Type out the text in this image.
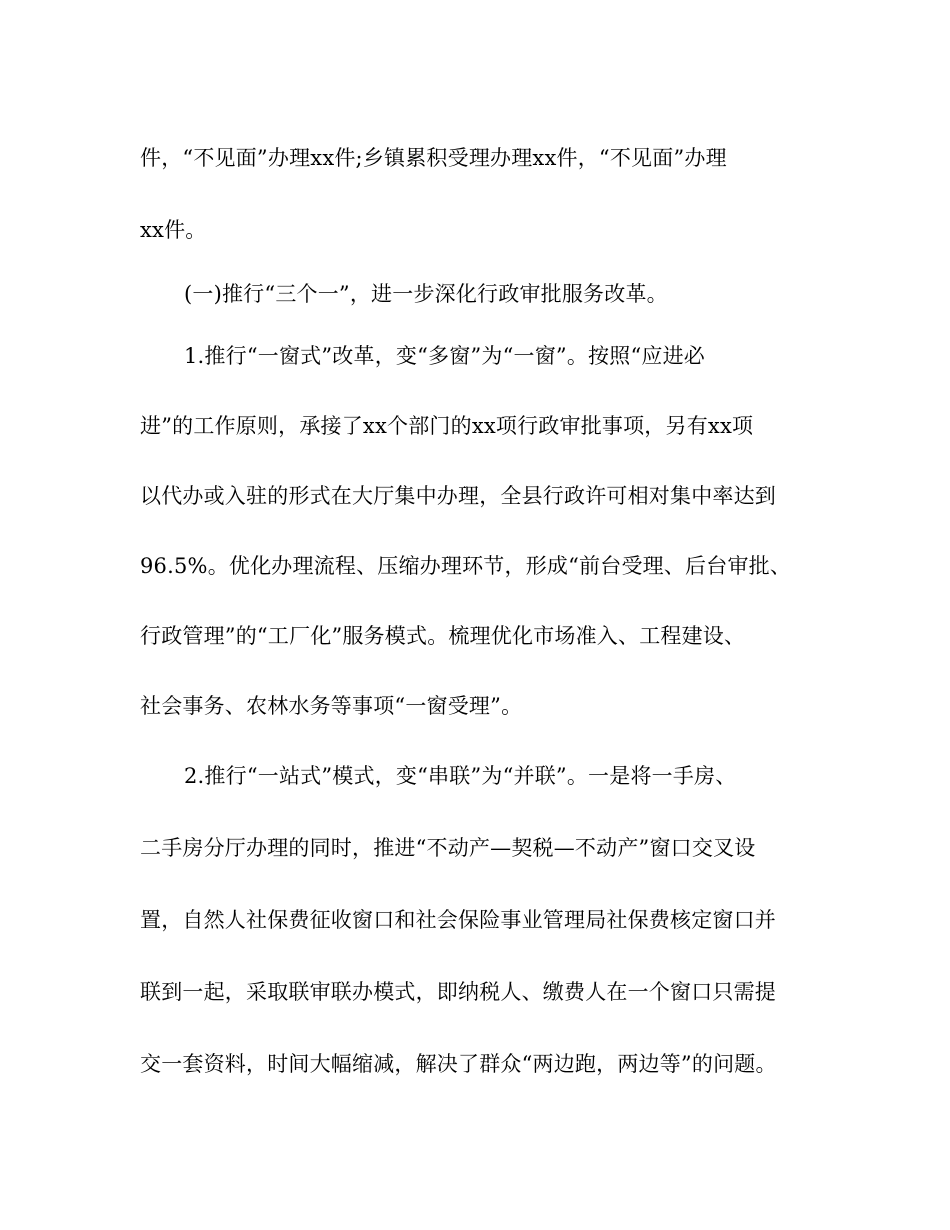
件，“不见面”办理xx件;乡镇累积受理办理xx件，“不见面”办理
xx件。
(一)推行“三个一”，进一步深化行政审批服务改革。
1.推行“一窗式”改革，变“多窗”为“一窗”。按照“应进必
进”的工作原则，承接了xx个部门的xx项行政审批事项，另有xx项
以代办或入驻的形式在大厅集中办理，全县行政许可相对集中率达到
96.5%。优化办理流程、压缩办理环节，形成“前台受理、后台审批、
行政管理”的“工厂化”服务模式。梳理优化市场准入、工程建设、
社会事务、农林水务等事项“一窗受理”。
2.推行“一站式”模式，变“串联”为“并联”。一是将一手房、
二手房分厅办理的同时，推进“不动产—契税—不动产”窗口交叉设
置，自然人社保费征收窗口和社会保险事业管理局社保费核定窗口并
联到一起，采取联审联办模式，即纳税人、缴费人在一个窗口只需提
交一套资料，时间大幅缩减，解决了群众“两边跑，两边等”的问题。
